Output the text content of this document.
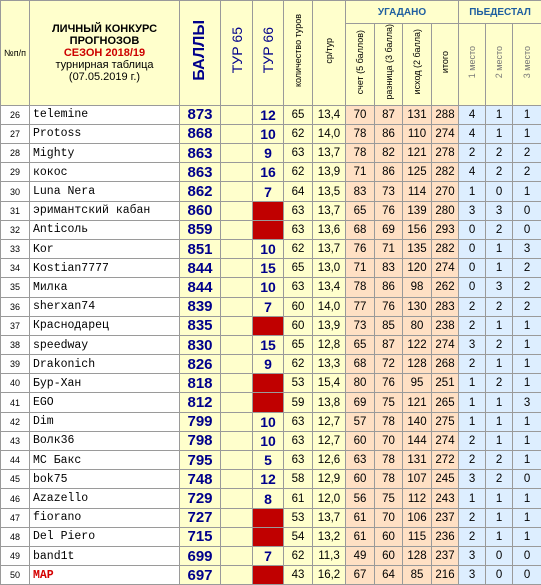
№п/п	ЛИЧНЫЙ КОНКУРС
ПРОГНОЗОВ
СЕЗОН 2018/19
турнирная таблица
(07.05.2019 г.)	БАЛЛЫ	ТУР 65	ТУР 66	количество туров	ср/тур	УГАДАНО				ПЬЕДЕСТАЛ		
							счет (5 баллов)	разница (3 балла)	исход (2 балла)	итого	1 место	2 место	3 место
26	telemine	873		12	65	13,4	70	87	131	288	4	1	1
27	Protoss	868		10	62	14,0	78	86	110	274	4	1	1
28	Mighty	863		9	63	13,7	78	82	121	278	2	2	2
29	кокос	863		16	62	13,9	71	86	125	282	4	2	2
30	Luna Nera	862		7	64	13,5	83	73	114	270	1	0	1
31	эримантский кабан	860			63	13,7	65	76	139	280	3	3	0
32	Anticoль	859			63	13,6	68	69	156	293	0	2	0
33	Kor	851		10	62	13,7	76	71	135	282	0	1	3
34	Kostian7777	844		15	65	13,0	71	83	120	274	0	1	2
35	Милка	844		10	63	13,4	78	86	98	262	0	3	2
36	sherxan74	839		7	60	14,0	77	76	130	283	2	2	2
37	Краснодарец	835			60	13,9	73	85	80	238	2	1	1
38	speedway	830		15	65	12,8	65	87	122	274	3	2	1
39	Drakonich	826		9	62	13,3	68	72	128	268	2	1	1
40	Бур-Хан	818			53	15,4	80	76	95	251	1	2	1
41	EGO	812			59	13,8	69	75	121	265	1	1	3
42	Dim	799		10	63	12,7	57	78	140	275	1	1	1
43	Волк36	798		10	63	12,7	60	70	144	274	2	1	1
44	MC Бакс	795		5	63	12,6	63	78	131	272	2	2	1
45	bok75	748		12	58	12,9	60	78	107	245	3	2	0
46	Azazello	729		8	61	12,0	56	75	112	243	1	1	1
47	fiorano	727			53	13,7	61	70	106	237	2	1	1
48	Del Piero	715			54	13,2	61	60	115	236	2	1	1
49	band1t	699		7	62	11,3	49	60	128	237	3	0	0
50	МАР	697			43	16,2	67	64	85	216	3	0	0
